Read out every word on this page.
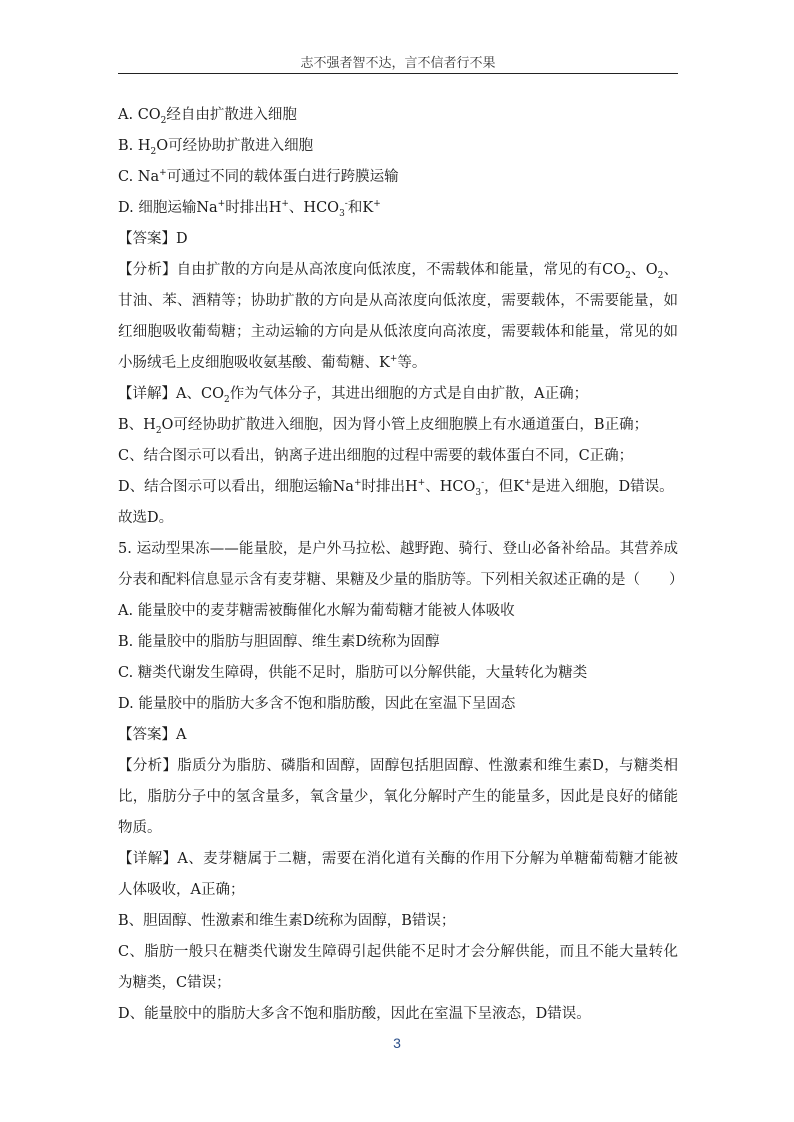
志不强者智不达，言不信者行不果
A. $CO_2$经自由扩散进入细胞
B. $H_2O$可经协助扩散进入细胞
C. Na+可通过不同的载体蛋白进行跨膜运输
D. 细胞运输Na+时排出H+、$HCO_3^-$和K+
【答案】D
【分析】自由扩散的方向是从高浓度向低浓度，不需载体和能量，常见的有$CO_2$、$O_2$、甘油、苯、酒精等；协助扩散的方向是从高浓度向低浓度，需要载体，不需要能量，如红细胞吸收葡萄糖；主动运输的方向是从低浓度向高浓度，需要载体和能量，常见的如小肠绒毛上皮细胞吸收氨基酸、葡萄糖、K+等。
【详解】A、$CO_2$作为气体分子，其进出细胞的方式是自由扩散，A正确；
B、$H_2O$可经协助扩散进入细胞，因为肾小管上皮细胞膜上有水通道蛋白，B正确；
C、结合图示可以看出，钠离子进出细胞的过程中需要的载体蛋白不同，C正确；
D、结合图示可以看出，细胞运输Na+时排出H+、$HCO_3^-$，但K+是进入细胞，D错误。
故选D。
5. 运动型果冻——能量胶，是户外马拉松、越野跑、骑行、登山必备补给品。其营养成分表和配料信息显示含有麦芽糖、果糖及少量的脂肪等。下列相关叙述正确的是（　　）
A. 能量胶中的麦芽糖需被酶催化水解为葡萄糖才能被人体吸收
B. 能量胶中的脂肪与胆固醇、维生素D统称为固醇
C. 糖类代谢发生障碍，供能不足时，脂肪可以分解供能，大量转化为糖类
D. 能量胶中的脂肪大多含不饱和脂肪酸，因此在室温下呈固态
【答案】A
【分析】脂质分为脂肪、磷脂和固醇，固醇包括胆固醇、性激素和维生素D，与糖类相比，脂肪分子中的氢含量多，氧含量少，氧化分解时产生的能量多，因此是良好的储能物质。
【详解】A、麦芽糖属于二糖，需要在消化道有关酶的作用下分解为单糖葡萄糖才能被人体吸收，A正确；
B、胆固醇、性激素和维生素D统称为固醇，B错误；
C、脂肪一般只在糖类代谢发生障碍引起供能不足时才会分解供能，而且不能大量转化为糖类，C错误；
D、能量胶中的脂肪大多含不饱和脂肪酸，因此在室温下呈液态，D错误。
3
